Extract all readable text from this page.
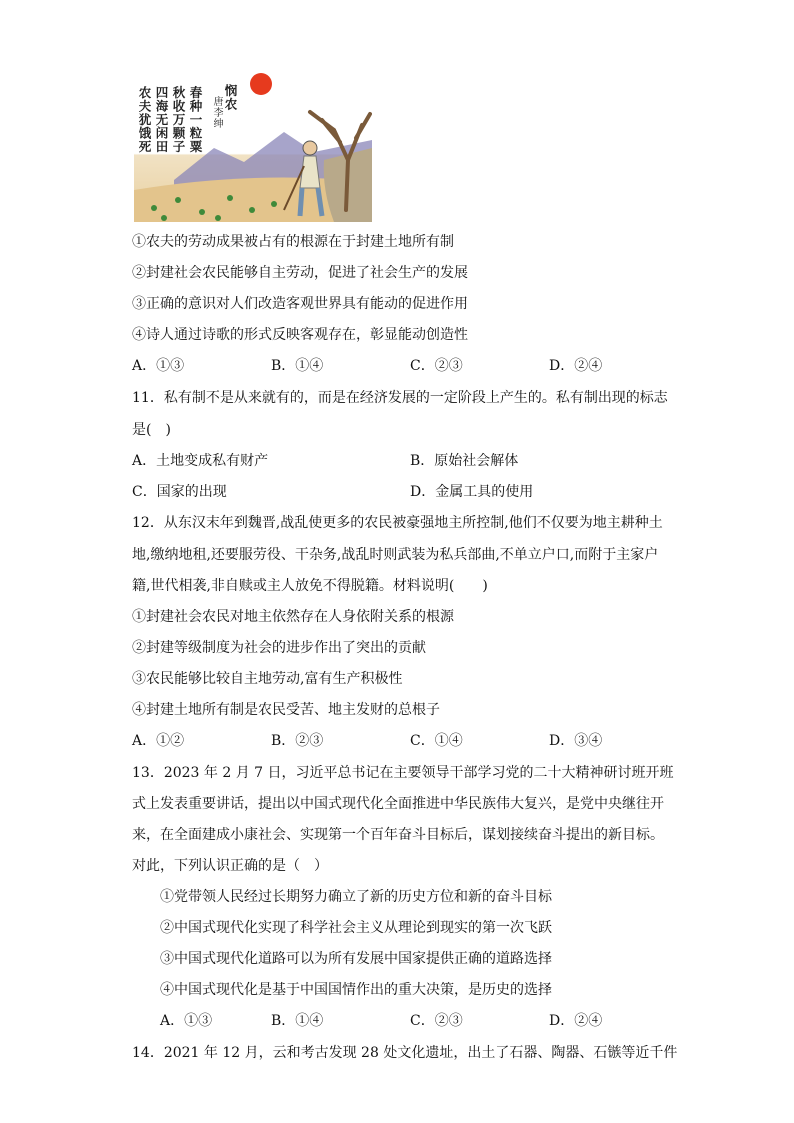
农夫犹饿死 四海无闲田 秋收万颗子 春种一粒粟 唐李绅 悯农
①农夫的劳动成果被占有的根源在于封建土地所有制
②封建社会农民能够自主劳动，促进了社会生产的发展
③正确的意识对人们改造客观世界具有能动的促进作用
④诗人通过诗歌的形式反映客观存在，彰显能动创造性
A．①③	B．①④	C．②③	D．②④
11．私有制不是从来就有的，而是在经济发展的一定阶段上产生的。私有制出现的标志
是(　)
A．土地变成私有财产	B．原始社会解体
C．国家的出现	D．金属工具的使用
12．从东汉末年到魏晋,战乱使更多的农民被豪强地主所控制,他们不仅要为地主耕种土
地,缴纳地租,还要服劳役、干杂务,战乱时则武装为私兵部曲,不单立户口,而附于主家户
籍,世代相袭,非自赎或主人放免不得脱籍。材料说明(　　)
①封建社会农民对地主依然存在人身依附关系的根源
②封建等级制度为社会的进步作出了突出的贡献
③农民能够比较自主地劳动,富有生产积极性
④封建土地所有制是农民受苦、地主发财的总根子
A．①②	B．②③	C．①④	D．③④
13．2023 年 2 月 7 日，习近平总书记在主要领导干部学习党的二十大精神研讨班开班
式上发表重要讲话，提出以中国式现代化全面推进中华民族伟大复兴，是党中央继往开
来，在全面建成小康社会、实现第一个百年奋斗目标后，谋划接续奋斗提出的新目标。
对此，下列认识正确的是（　）
①党带领人民经过长期努力确立了新的历史方位和新的奋斗目标
②中国式现代化实现了科学社会主义从理论到现实的第一次飞跃
③中国式现代化道路可以为所有发展中国家提供正确的道路选择
④中国式现代化是基于中国国情作出的重大决策，是历史的选择
A．①③	B．①④	C．②③	D．②④
14．2021 年 12 月，云和考古发现 28 处文化遗址，出土了石器、陶器、石镞等近千件
